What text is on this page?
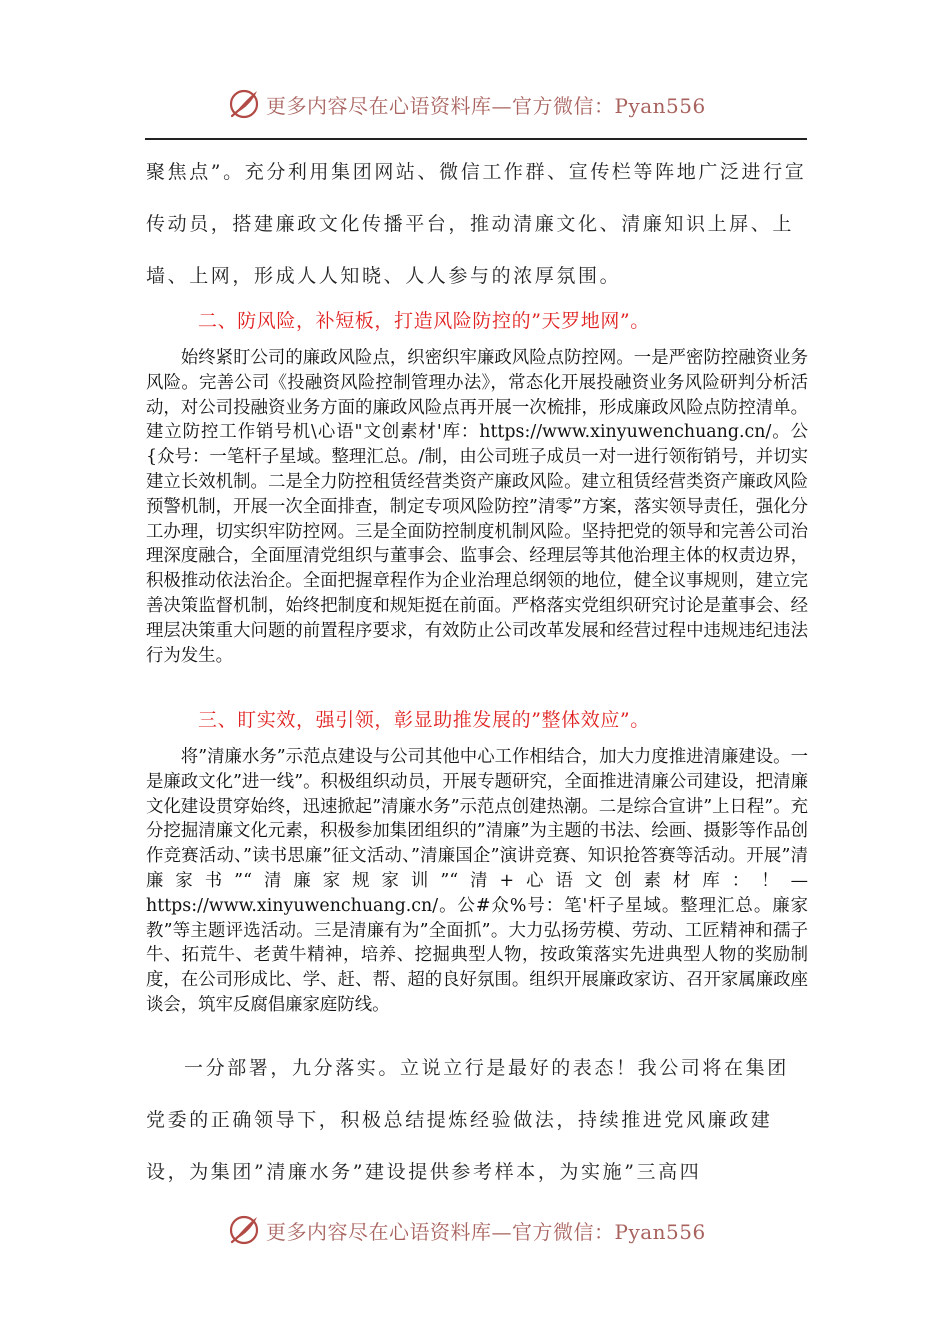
更多内容尽在心语资料库—官方微信：Pyan556

聚焦点”。充分利用集团网站、微信工作群、宣传栏等阵地广泛进行宣传动员，搭建廉政文化传播平台，推动清廉文化、清廉知识上屏、上墙、上网，形成人人知晓、人人参与的浓厚氛围。

二、防风险，补短板，打造风险防控的”天罗地网”。

始终紧盯公司的廉政风险点，织密织牢廉政风险点防控网。一是严密防控融资业务风险。完善公司《投融资风险控制管理办法》，常态化开展投融资业务风险研判分析活动，对公司投融资业务方面的廉政风险点再开展一次梳排，形成廉政风险点防控清单。建立防控工作销号机\心语"文创素材'库：https://www.xinyuwenchuang.cn/。公{众号：一笔杆子星域。整理汇总。/制，由公司班子成员一对一进行领衔销号，并切实建立长效机制。二是全力防控租赁经营类资产廉政风险。建立租赁经营类资产廉政风险预警机制，开展一次全面排查，制定专项风险防控”清零”方案，落实领导责任，强化分工办理，切实织牢防控网。三是全面防控制度机制风险。坚持把党的领导和完善公司治理深度融合，全面厘清党组织与董事会、监事会、经理层等其他治理主体的权责边界，积极推动依法治企。全面把握章程作为企业治理总纲领的地位，健全议事规则，建立完善决策监督机制，始终把制度和规矩挺在前面。严格落实党组织研究讨论是董事会、经理层决策重大问题的前置程序要求，有效防止公司改革发展和经营过程中违规违纪违法行为发生。

三、盯实效，强引领，彰显助推发展的”整体效应”。

将”清廉水务”示范点建设与公司其他中心工作相结合，加大力度推进清廉建设。一是廉政文化”进一线”。积极组织动员，开展专题研究，全面推进清廉公司建设，把清廉文化建设贯穿始终，迅速掀起”清廉水务”示范点创建热潮。二是综合宣讲”上日程”。充分挖掘清廉文化元素，积极参加集团组织的”清廉”为主题的书法、绘画、摄影等作品创作竞赛活动、”读书思廉”征文活动、”清廉国企”演讲竞赛、知识抢答赛等活动。开展”清廉家书”“清廉家规家训”“清+心语文创素材库：！—https://www.xinyuwenchuang.cn/。公#众%号：笔'杆子星域。整理汇总。廉家教”等主题评选活动。三是清廉有为”全面抓”。大力弘扬劳模、劳动、工匠精神和孺子牛、拓荒牛、老黄牛精神，培养、挖掘典型人物，按政策落实先进典型人物的奖励制度，在公司形成比、学、赶、帮、超的良好氛围。组织开展廉政家访、召开家属廉政座谈会，筑牢反腐倡廉家庭防线。

一分部署，九分落实。立说立行是最好的表态！我公司将在集团党委的正确领导下，积极总结提炼经验做法，持续推进党风廉政建设，为集团”清廉水务”建设提供参考样本，为实施”三高四

更多内容尽在心语资料库—官方微信：Pyan556
